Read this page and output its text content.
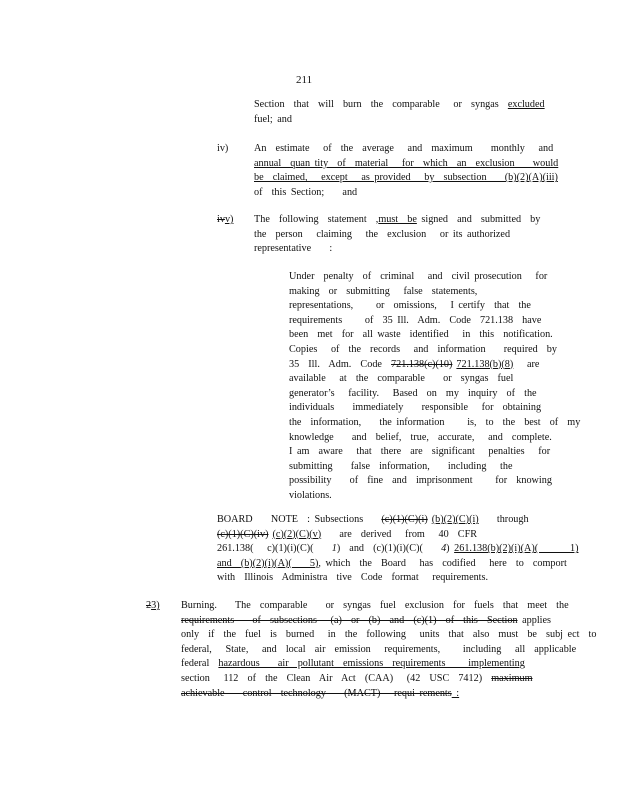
211
Section  that  will  burn  the  comparable   or  syngas  excluded
fuel; and
iv)	An  estimate   of  the  average   and  maximum    monthly   and
annual  quan tity  of  material   for  which  an  exclusion    would
be  claimed,   except   as provided   by  subsection    (b)(2)(A)(iii)
of  this Section;    and
ivv) The  following  statement  ,must  be signed  and  submitted  by
the  person   claiming   the  exclusion   or its authorized
representative    :
Under  penalty  of  criminal   and  civil prosecution   for
making  or  submitting   false  statements,
representations,     or  omissions,   I certify  that  the
requirements     of  35 Ill.  Adm.  Code  721.138  have
been  met  for  all waste  identified   in  this  notification.
Copies   of  the  records   and  information    required  by
35  Ill.  Adm.  Code  721.138(c)(10) 721.138(b)(8)   are
available   at  the  comparable    or  syngas  fuel
generator’s   facility.   Based  on  my  inquiry  of  the
individuals    immediately    responsible   for  obtaining
the  information,    the information     is,  to  the  best  of  my
knowledge    and  belief,  true,  accurate,   and  complete.
I am  aware   that  there  are  significant   penalties   for
submitting    false  information,    including   the
possibility    of  fine  and  imprisonment     for  knowing
violations.
BOARD    NOTE  : Subsections    (c)(1)(C)(i) (b)(2)(C)(i)    through
(c)(1)(C)(iv) (c)(2)(C)(v)    are  derived   from   40  CFR
261.138(   c)(1)(i)(C)(    1)  and  (c)(1)(i)(C)(    4) 261.138(b)(2)(i)(A)(       1)
and  (b)(2)(i)(A)(    5), which  the  Board   has  codified   here  to  comport
with  Illinois  Administra  tive  Code  format   requirements.
23) Burning.    The  comparable    or  syngas  fuel  exclusion  for  fuels  that  meet  the
requirements    of  subsections   (a)  or  (b)  and  (c)(1)  of  this  Section applies
only  if  the  fuel  is  burned   in  the  following   units  that  also  must  be  subj ect  to
federal,   State,   and  local  air  emission   requirements,     including   all  applicable
federal  hazardous    air  pollutant  emissions  requirements     implementing
section   112  of  the  Clean  Air  Act  (CAA)   (42  USC  7412)  maximum
achievable    control  technology    (MACT)   requi rements :
